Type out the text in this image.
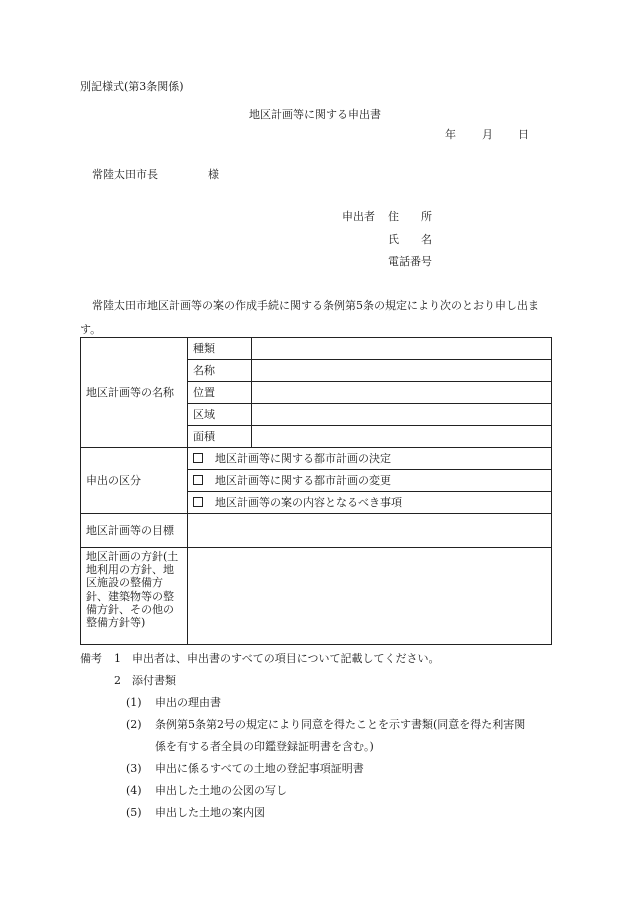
別記様式(第3条関係)
地区計画等に関する申出書
年 月 日
常陸太田市長	様
申出者 住 所
氏 名
電話番号
常陸太田市地区計画等の案の作成手続に関する条例第5条の規定により次のとおり申し出ます。
地区計画等の名称	種類	
	名称	
	位置	
	区域	
	面積	
申出の区分	地区計画等に関する都市計画の決定	
	地区計画等に関する都市計画の変更	
	地区計画等の案の内容となるべき事項	
地区計画等の目標		
地区計画の方針(土地利用の方針、地区施設の整備方針、建築物等の整備方針、その他の整備方針等)		
備考 1 申出者は、申出書のすべての項目について記載してください。
2 添付書類
(1) 申出の理由書
(2) 条例第5条第2号の規定により同意を得たことを示す書類(同意を得た利害関
係を有する者全員の印鑑登録証明書を含む。)
(3) 申出に係るすべての土地の登記事項証明書
(4) 申出した土地の公図の写し
(5) 申出した土地の案内図
